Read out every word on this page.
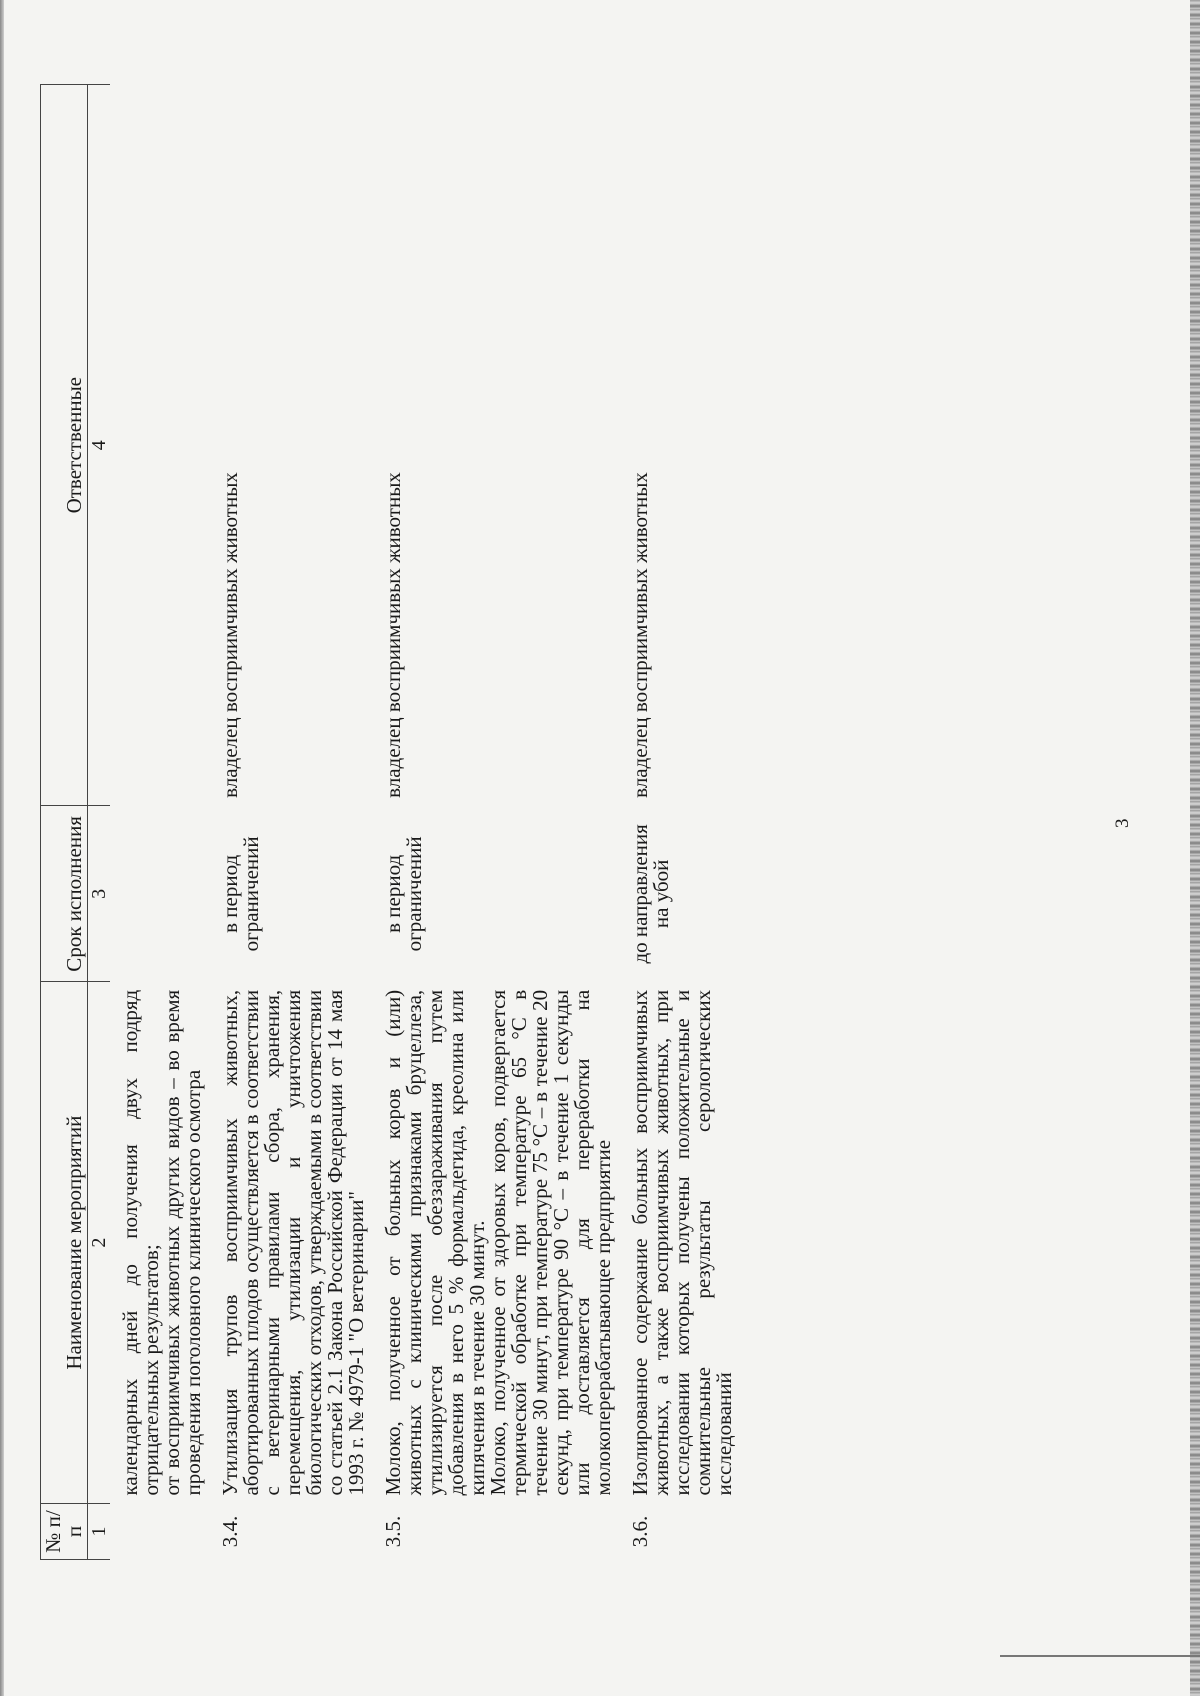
3
№ п/п	Наименование мероприятий	Срок исполнения	Ответственные
1	2	3	4

	календарных дней до получения двух подряд отрицательных результатов;
от восприимчивых животных других видов – во время проведения поголовного клинического осмотра		

3.4.	Утилизация трупов восприимчивых животных, абортированных плодов осуществляется в соответствии с ветеринарными правилами сбора, хранения, перемещения, утилизации и уничтожения биологических отходов, утверждаемыми в соответствии со статьей 2.1 Закона Российской Федерации от 14 мая 1993 г. № 4979-1 "О ветеринарии"	в период ограничений	владелец восприимчивых животных
3.5.	Молоко, полученное от больных коров и (или) животных с клиническими признаками бруцеллеза, утилизируется после обеззараживания путем добавления в него 5 % формальдегида, креолина или кипячения в течение 30 минут.
Молоко, полученное от здоровых коров, подвергается термической обработке при температуре 65 °С в течение 30 минут, при температуре 75 °С – в течение 20 секунд, при температуре 90 °С – в течение 1 секунды или доставляется для переработки на молокоперерабатывающее предприятие	в период ограничений	владелец восприимчивых животных
3.6.	Изолированное содержание больных восприимчивых животных, а также восприимчивых животных, при исследовании которых получены положительные и сомнительные результаты серологических исследований	до направления на убой	владелец восприимчивых животных
